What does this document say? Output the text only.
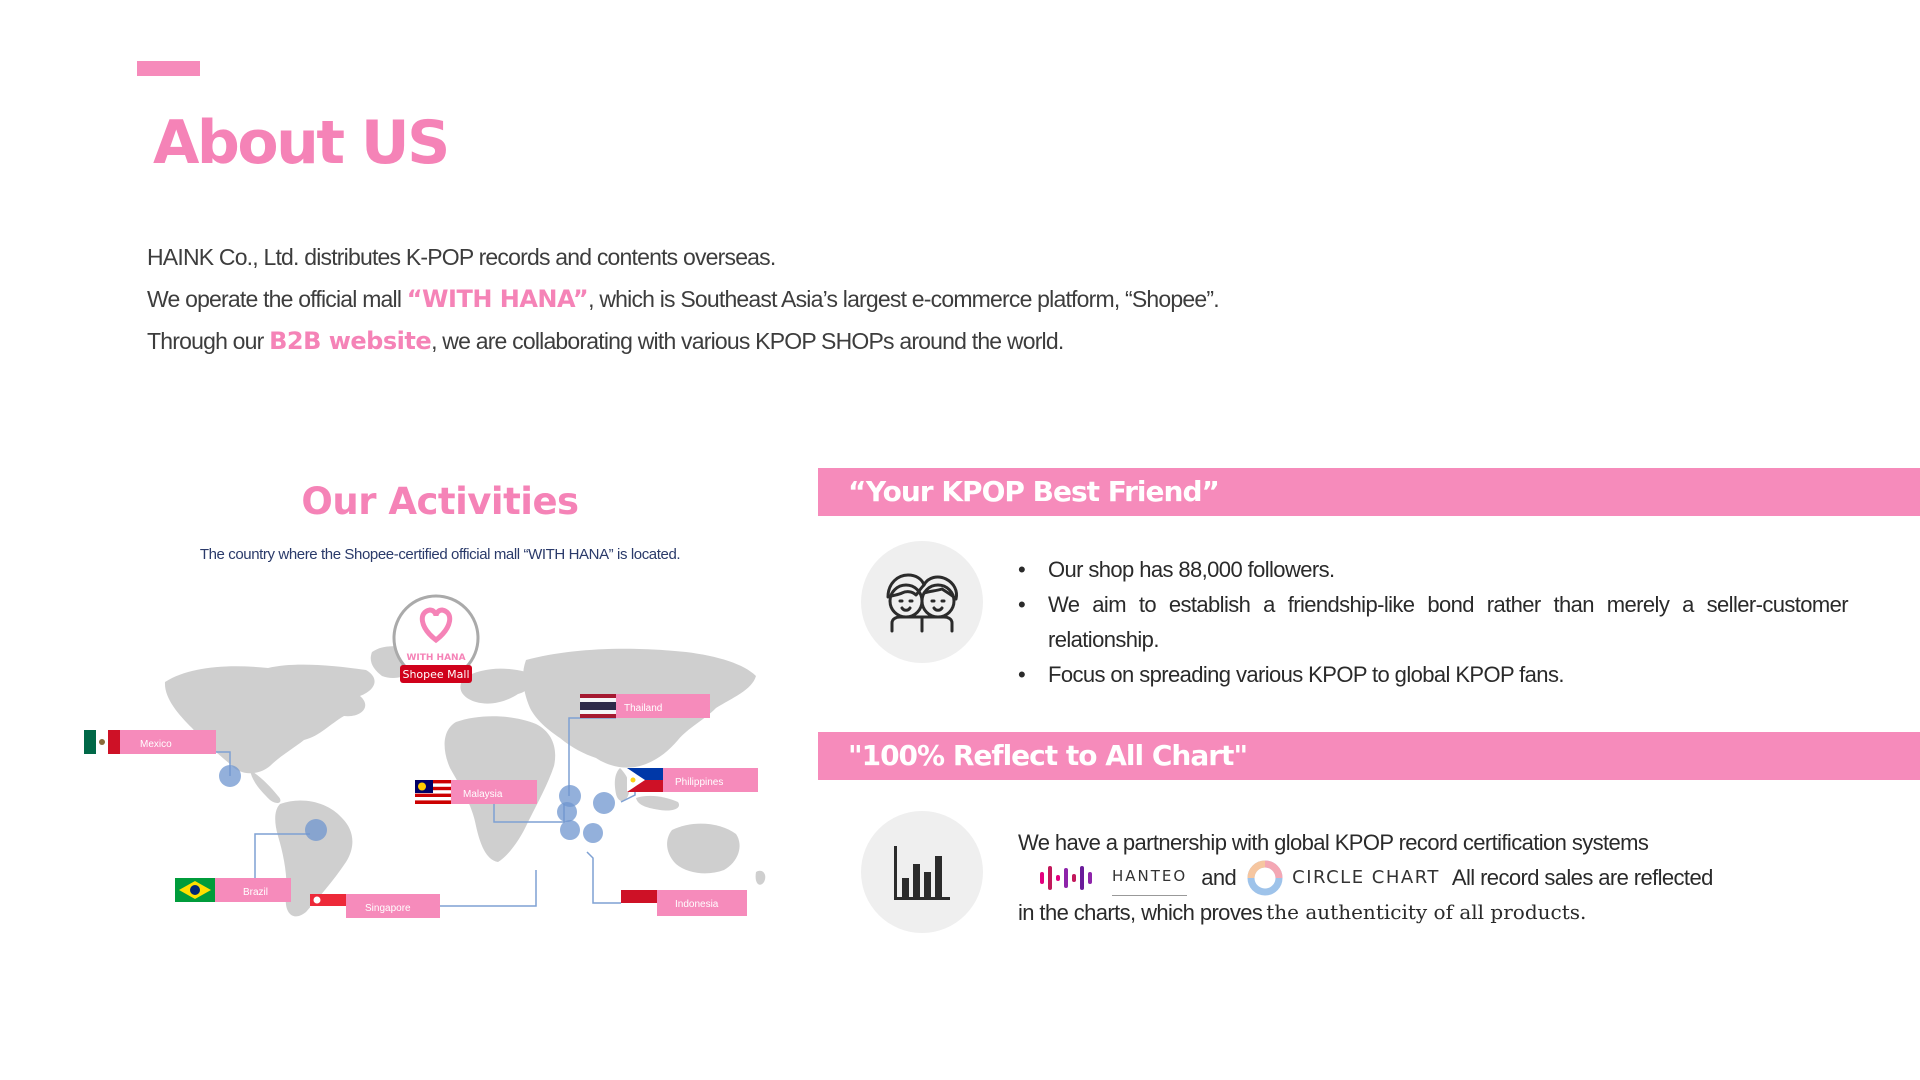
About US

HAINK Co., Ltd. distributes K-POP records and contents overseas.

We operate the official mall “WITH HANA”, which is Southeast Asia’s largest e-commerce platform, “Shopee”.

Through our B2B website, we are collaborating with various KPOP SHOPs around the world.

Our Activities
The country where the Shopee-certified official mall “WITH HANA” is located.
WITH HANA
Shopee Mall
Thailand
Mexico
Malaysia
Philippines
Singapore	Indonesia
Brazil
“Your KPOP Best Friend”
• Our shop has 88,000 followers.
• We aim to establish a friendship-like bond rather than merely a seller-customer relationship.
• Focus on spreading various KPOP to global KPOP fans.
"100% Reflect to All Chart"
We have a partnership with global KPOP record certification systems
HANTEO and	CIRCLE CHART All record sales are reflected
in the charts, which proves the authenticity of all products.
